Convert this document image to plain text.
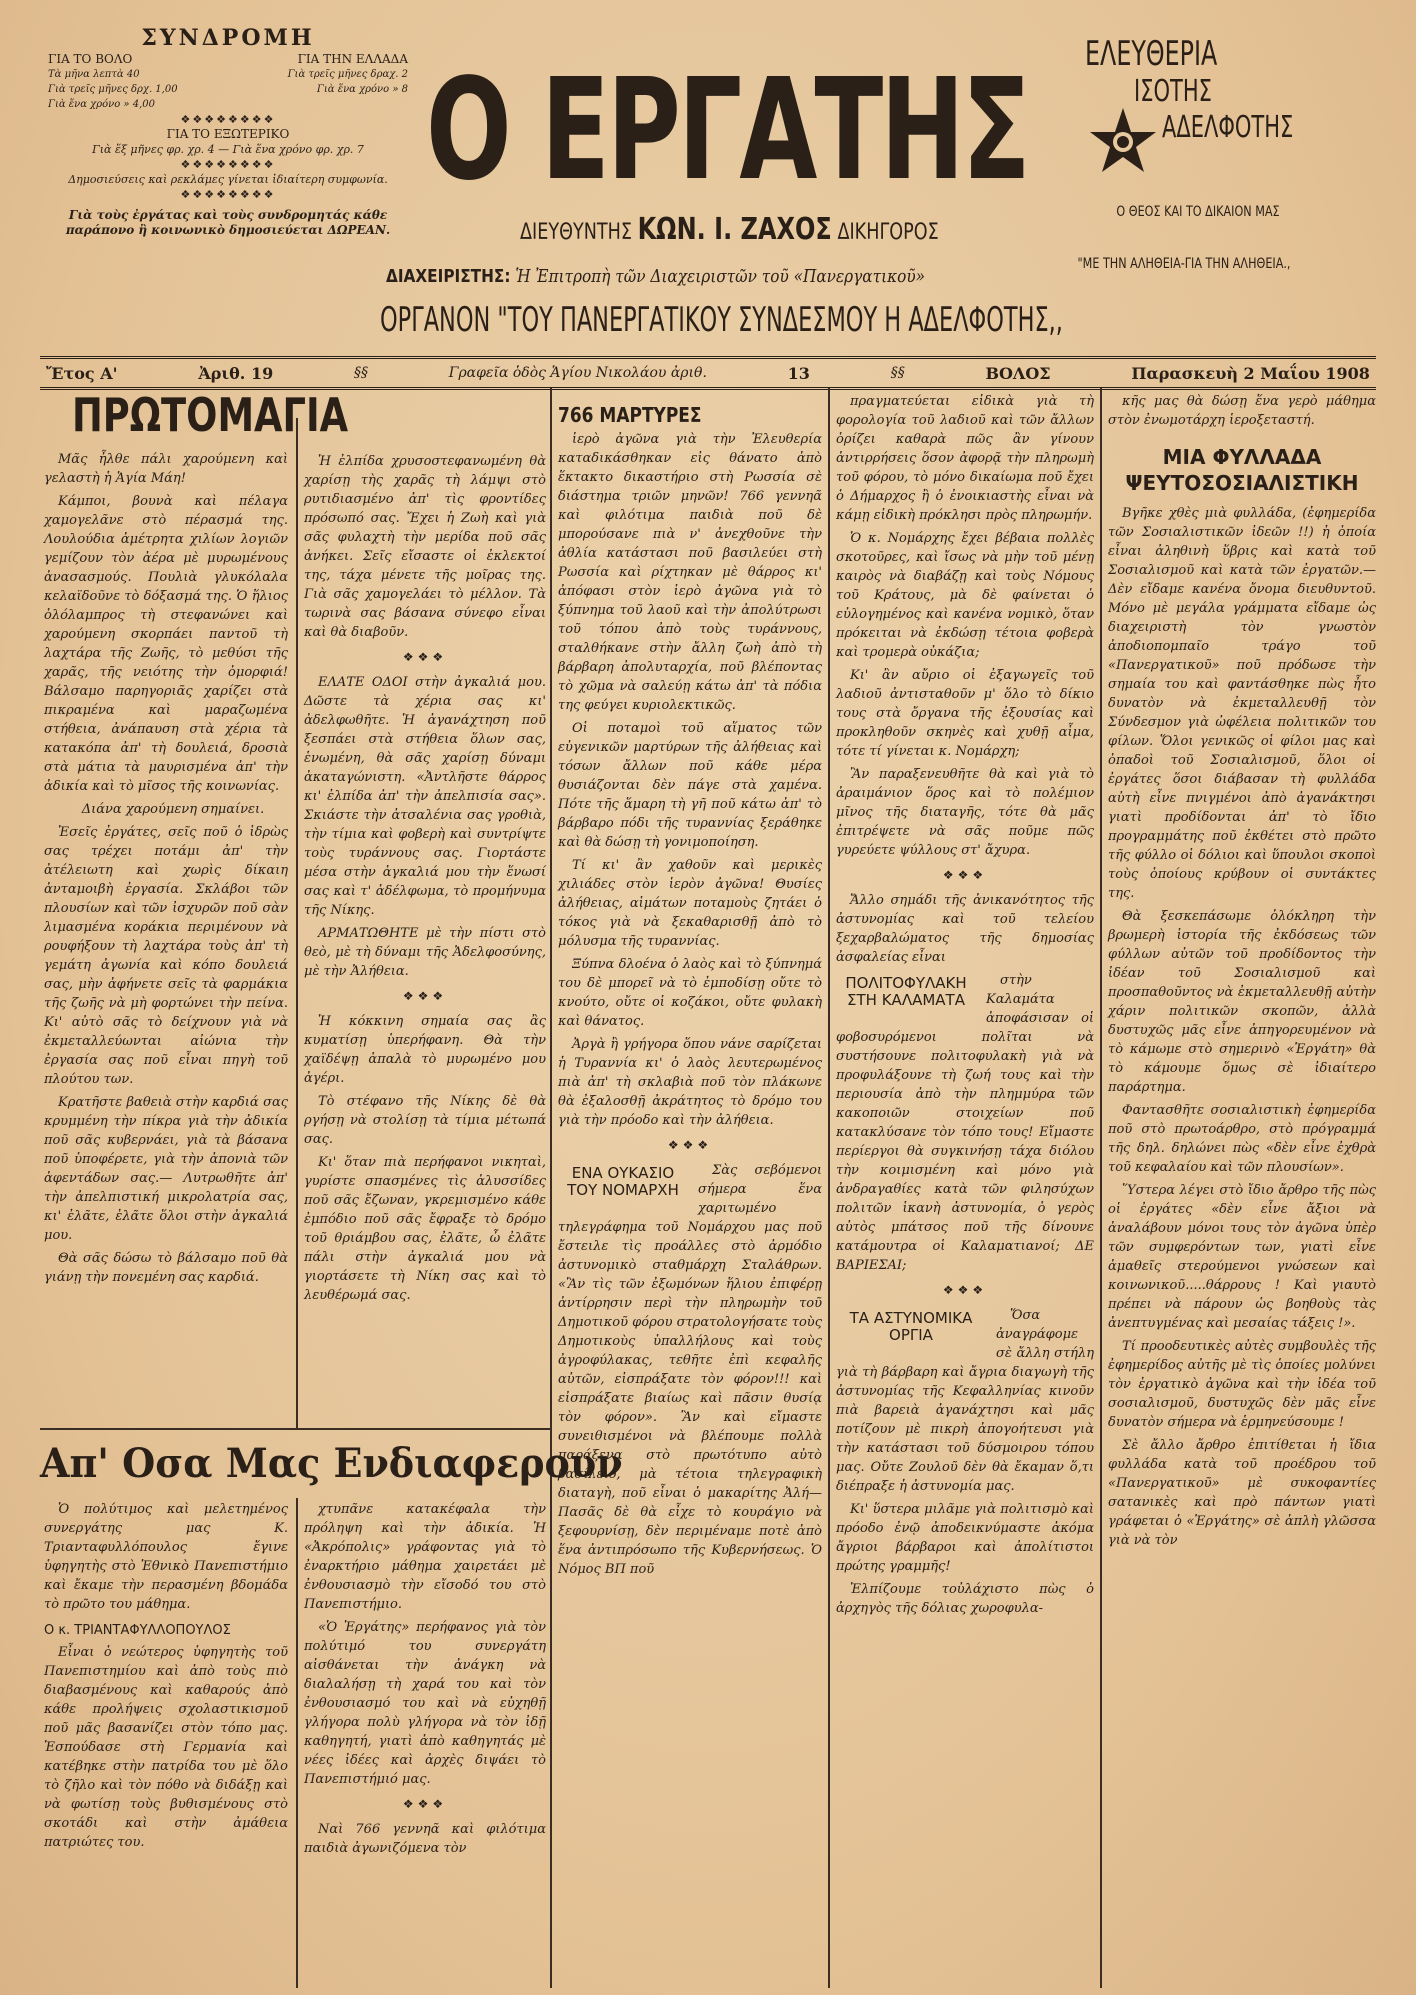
ΣΥΝΔΡΟΜΗ
ΓΙΑ ΤΟ ΒΟΛΟ	ΓΙΑ ΤΗΝ ΕΛΛΑΔΑ
Τὰ μῆνα λεπτὰ 40	Γιὰ τρεῖς μῆνες δραχ. 2
Γιὰ τρεῖς μῆνες δρχ. 1,00	Γιὰ ἕνα χρόνο » 8
Γιὰ ἕνα χρόνο » 4,00
❖❖❖❖❖❖❖❖
ΓΙΑ ΤΟ ΕΞΩΤΕΡΙΚΟ
Γιὰ ἕξ μῆνες φρ. χρ. 4 — Γιὰ ἕνα χρόνο φρ. χρ. 7
❖❖❖❖❖❖❖❖
Δημοσιεύσεις καὶ ρεκλάμες γίνεται ἰδιαίτερη συμφωνία.
❖❖❖❖❖❖❖❖
Γιὰ τοὺς ἐργάτας καὶ τοὺς συνδρομητάς κάθε παράπονο ἢ κοινωνικὸ δημοσιεύεται ΔΩΡΕΑΝ.
Ο ΕΡΓΑΤΗΣ ΕΛΕΥΘΕΡΙΑ
ΙΣΟΤΗΣ
ΑΔΕΛΦΟΤΗΣ
Ο ΘΕΟΣ ΚΑΙ ΤΟ ΔΙΚΑΙΟΝ ΜΑΣ
"ΜΕ ΤΗΝ ΑΛΗΘΕΙΑ-ΓΙΑ ΤΗΝ ΑΛΗΘΕΙΑ.,
ΔΙΕΥΘΥΝΤΗΣ ΚΩΝ. Ι. ΖΑΧΟΣ ΔΙΚΗΓΟΡΟΣ
ΔΙΑΧΕΙΡΙΣΤΗΣ: Ἡ Ἐπιτροπὴ τῶν Διαχειριστῶν τοῦ «Πανεργατικοῦ»
ΟΡΓΑΝΟΝ "ΤΟΥ ΠΑΝΕΡΓΑΤΙΚΟΥ ΣΥΝΔΕΣΜΟΥ Η ΑΔΕΛΦΟΤΗΣ,,
Ἔτος Α'	Ἀριθ. 19	§§	Γραφεῖα ὁδὸς Ἁγίου Νικολάου ἀριθ.	13	§§	ΒΟΛΟΣ	Παρασκευὴ 2 Μαΐου 1908
ΠΡΩΤΟΜΑΓΙΑ
Μᾶς ἦλθε πάλι χαρούμενη καὶ γελαστὴ ἡ Ἁγία Μάη!
Κάμποι, βουνὰ καὶ πέλαγα χαμογελᾶνε στὸ πέρασμά της. Λουλούδια ἀμέτρητα χιλίων λογιῶν γεμίζουν τὸν ἀέρα μὲ μυρωμένους ἀνασασμούς. Πουλιὰ γλυκόλαλα κελαϊδοῦνε τὸ δόξασμά της. Ὁ ἥλιος ὁλόλαμπρος τὴ στεφανώνει καὶ χαρούμενη σκορπάει παντοῦ τὴ λαχτάρα τῆς Ζωῆς, τὸ μεθύσι τῆς χαρᾶς, τῆς νειότης τὴν ὀμορφιά! Βάλσαμο παρηγοριᾶς χαρίζει στὰ πικραμένα καὶ μαραζωμένα στήθεια, ἀνάπαυση στὰ χέρια τὰ κατακόπα ἀπ' τὴ δουλειά, δροσιὰ στὰ μάτια τὰ μαυρισμένα ἀπ' τὴν ἀδικία καὶ τὸ μῖσος τῆς κοινωνίας.
Διάνα χαρούμενη σημαίνει.
Ἐσεῖς ἐργάτες, σεῖς ποῦ ὁ ἱδρὼς σας τρέχει ποτάμι ἀπ' τὴν ἀτέλειωτη καὶ χωρὶς δίκαιη ἀνταμοιβὴ ἐργασία. Σκλάβοι τῶν πλουσίων καὶ τῶν ἰσχυρῶν ποῦ σὰν λιμασμένα κοράκια περιμένουν νὰ ρουφήξουν τὴ λαχτάρα τοὺς ἀπ' τὴ γεμάτη ἀγωνία καὶ κόπο δουλειά σας, μὴν ἀφήνετε σεῖς τὰ φαρμάκια τῆς ζωῆς νὰ μὴ φορτώνει τὴν πείνα. Κι' αὐτὸ σᾶς τὸ δείχνουν γιὰ νὰ ἐκμεταλλεύωνται αἰώνια τὴν ἐργασία σας ποῦ εἶναι πηγὴ τοῦ πλούτου των.
Κρατῆστε βαθειὰ στὴν καρδιά σας κρυμμένη τὴν πίκρα γιὰ τὴν ἀδικία ποῦ σᾶς κυβερνάει, γιὰ τὰ βάσανα ποῦ ὑποφέρετε, γιὰ τὴν ἀπονιὰ τῶν ἀφεντάδων σας.— Λυτρωθῆτε ἀπ' τὴν ἀπελπιστική μικρολατρία σας, κι' ἐλᾶτε, ἐλᾶτε ὅλοι στὴν ἀγκαλιά μου.
Θὰ σᾶς δώσω τὸ βάλσαμο ποῦ θὰ γιάνῃ τὴν πονεμένη σας καρδιά.
Ἡ ἐλπίδα χρυσοστεφανωμένη θὰ χαρίσῃ τὴς χαρᾶς τὴ λάμψι στὸ ρυτιδιασμένο ἀπ' τὶς φροντίδες πρόσωπό σας. Ἔχει ἡ Ζωὴ καὶ γιὰ σᾶς φυλαχτὴ τὴν μερίδα ποῦ σᾶς ἀνήκει. Σεῖς εἴσαστε οἱ ἐκλεκτοί της, τάχα μένετε τῆς μοῖρας της. Γιὰ σᾶς χαμογελάει τὸ μέλλον. Τὰ τωρινὰ σας βάσανα σύνεφο εἶναι καὶ θὰ διαβοῦν.
❖❖❖
ΕΛΑΤΕ ΟΔΟΙ στὴν ἀγκαλιά μου. Δῶστε τὰ χέρια σας κι' ἀδελφωθῆτε. Ἡ ἀγανάχτηση ποῦ ξεσπάει στὰ στήθεια ὅλων σας, ἑνωμένη, θὰ σᾶς χαρίσῃ δύναμι ἀκαταγώνιστη. «Ἀντλῆστε θάρρος κι' ἐλπίδα ἀπ' τὴν ἀπελπισία σας». Σκιάστε τὴν ἀτσαλένια σας γροθιὰ, τὴν τίμια καὶ φοβερὴ καὶ συντρίψτε τοὺς τυράννους σας. Γιορτάστε μέσα στὴν ἀγκαλιά μου τὴν ἕνωσί σας καὶ τ' ἀδέλφωμα, τὸ προμήνυμα τῆς Νίκης.
ΑΡΜΑΤΩΘΗΤΕ μὲ τὴν πίστι στὸ θεὸ, μὲ τὴ δύναμι τῆς Ἀδελφοσύνης, μὲ τὴν Ἀλήθεια.
❖❖❖
Ἡ κόκκινη σημαία σας ἂς κυματίσῃ ὑπερήφανη. Θὰ τὴν χαϊδέψῃ ἁπαλὰ τὸ μυρωμένο μου ἀγέρι.
Τὸ στέφανο τῆς Νίκης δὲ θὰ ργήσῃ νὰ στολίσῃ τὰ τίμια μέτωπά σας.
Κι' ὅταν πιὰ περήφανοι νικηταὶ, γυρίστε σπασμένες τὶς ἁλυσσίδες ποῦ σᾶς ἔζωναν, γκρεμισμένο κάθε ἐμπόδιο ποῦ σᾶς ἔφραξε τὸ δρόμο τοῦ θριάμβου σας, ἐλᾶτε, ὦ ἐλᾶτε πάλι στὴν ἀγκαλιά μου νὰ γιορτάσετε τὴ Νίκη σας καὶ τὸ λευθέρωμά σας.
Απ' Οσα Μας Ενδιαφερουν
Ὁ πολύτιμος καὶ μελετημένος συνεργάτης μας Κ. Τριανταφυλλόπουλος ἔγινε ὑφηγητὴς στὸ Ἐθνικὸ Πανεπιστήμιο καὶ ἔκαμε τὴν περασμένη βδομάδα τὸ πρῶτο του μάθημα.
Ο κ. ΤΡΙΑΝΤΑΦΥΛΛΟΠΟΥΛΟΣ
Εἶναι ὁ νεώτερος ὑφηγητὴς τοῦ Πανεπιστημίου καὶ ἀπὸ τοὺς πιὸ διαβασμένους καὶ καθαρούς ἀπὸ κάθε προλήψεις σχολαστικισμοῦ ποῦ μᾶς βασανίζει στὸν τόπο μας. Ἐσπούδασε στὴ Γερμανία καὶ κατέβηκε στὴν πατρίδα του μὲ ὅλο τὸ ζῆλο καὶ τὸν πόθο νὰ διδάξῃ καὶ νὰ φωτίσῃ τοὺς βυθισμένους στὸ σκοτάδι καὶ στὴν ἀμάθεια πατριώτες του.
χτυπᾶνε κατακέφαλα τὴν πρόληψη καὶ τὴν ἀδικία. Ἡ «Ἀκρόπολις» γράφοντας γιὰ τὸ ἐναρκτήριο μάθημα χαιρετάει μὲ ἐνθουσιασμὸ τὴν εἴσοδό του στὸ Πανεπιστήμιο.
«Ὁ Ἐργάτης» περήφανος γιὰ τὸν πολύτιμό του συνεργάτη αἰσθάνεται τὴν ἀνάγκη νὰ διαλαλήσῃ τὴ χαρά του καὶ τὸν ἐνθουσιασμό του καὶ νὰ εὐχηθῇ γλήγορα πολὺ γλήγορα νὰ τὸν ἰδῇ καθηγητή, γιατὶ ἀπὸ καθηγητάς μὲ νέες ἰδέες καὶ ἀρχὲς διψάει τὸ Πανεπιστήμιό μας.
❖❖❖
Ναὶ 766 γεννηᾶ καὶ φιλότιμα παιδιὰ ἀγωνιζόμενα τὸν
766 ΜΑΡΤΥΡΕΣ
ἱερὸ ἀγῶνα γιὰ τὴν Ἐλευθερία καταδικάσθηκαν εἰς θάνατο ἀπὸ ἕκτακτο δικαστήριο στὴ Ρωσσία σὲ διάστημα τριῶν μηνῶν! 766 γεννηᾶ καὶ φιλότιμα παιδιὰ ποῦ δὲ μπορούσανε πιὰ ν' ἀνεχθοῦνε τὴν ἀθλία κατάστασι ποῦ βασιλεύει στὴ Ρωσσία καὶ ρίχτηκαν μὲ θάρρος κι' ἀπόφασι στὸν ἱερὸ ἀγῶνα γιὰ τὸ ξύπνημα τοῦ λαοῦ καὶ τὴν ἀπολύτρωσι τοῦ τόπου ἀπὸ τοὺς τυράννους, σταλθήκανε στὴν ἄλλη ζωὴ ἀπὸ τὴ βάρβαρη ἀπολυταρχία, ποῦ βλέποντας τὸ χῶμα νὰ σαλεύῃ κάτω ἀπ' τὰ πόδια της φεύγει κυριολεκτικῶς.
Οἱ ποταμοὶ τοῦ αἵματος τῶν εὐγενικῶν μαρτύρων τῆς ἀλήθειας καὶ τόσων ἄλλων ποῦ κάθε μέρα θυσιάζονται δὲν πάγε στὰ χαμένα. Πότε τῆς ἅμαρη τὴ γῆ ποῦ κάτω ἀπ' τὸ βάρβαρο πόδι τῆς τυραννίας ξεράθηκε καὶ θὰ δώσῃ τὴ γονιμοποίηση.
Τί κι' ἂν χαθοῦν καὶ μερικὲς χιλιάδες στὸν ἱερὸν ἀγῶνα! Θυσίες ἀλήθειας, αἱμάτων ποταμοὺς ζητάει ὁ τόκος γιὰ νὰ ξεκαθαρισθῇ ἀπὸ τὸ μόλυσμα τῆς τυραννίας.
Ξύπνα δλοένα ὁ λαὸς καὶ τὸ ξύπνημά του δὲ μπορεῖ νὰ τὸ ἐμποδίσῃ οὔτε τὸ κνούτο, οὔτε οἱ κοζάκοι, οὔτε φυλακὴ καὶ θάνατος.
Ἀργὰ ἢ γρήγορα ὅπου νάνε σαρίζεται ἡ Τυραννία κι' ὁ λαὸς λευτερωμένος πιὰ ἀπ' τὴ σκλαβιὰ ποῦ τὸν πλάκωνε θὰ ἐξαλοσθῇ ἀκράτητος τὸ δρόμο του γιὰ τὴν πρόοδο καὶ τὴν ἀλήθεια.
❖❖❖
ΕΝΑ ΟΥΚΑΣΙΟ ΤΟΥ ΝΟΜΑΡΧΗ
Σὰς σεβόμενοι σήμερα ἕνα χαριτωμένο τηλεγράφημα τοῦ Νομάρχου μας ποῦ ἔστειλε τὶς προάλλες στὸ ἀρμόδιο ἀστυνομικὸ σταθμάρχη Σταλάθρων. «Ἂν τὶς τῶν ἐξωμόνων ἥλιου ἐπιφέρῃ ἀντίρρησιν περὶ τὴν πληρωμὴν τοῦ Δημοτικοῦ φόρου στρατολογήσατε τοὺς Δημοτικοὺς ὑπαλλήλους καὶ τοὺς ἀγροφύλακας, τεθῆτε ἐπὶ κεφαλῆς αὐτῶν, εἰσπράξατε τὸν φόρον!!! καὶ εἰσπράξατε βιαίως καὶ πᾶσιν θυσίᾳ τὸν φόρον». Ἂν καὶ εἴμαστε συνειθισμένοι νὰ βλέπουμε πολλὰ παράξενα στὸ πρωτότυπο αὐτὸ βασίλειο, μὰ τέτοια τηλεγραφικὴ διαταγὴ, ποῦ εἶναι ὁ μακαρίτης Ἀλή—Πασᾶς δὲ θὰ εἶχε τὸ κουράγιο νὰ ξεφουρνίσῃ, δὲν περιμέναμε ποτὲ ἀπὸ ἕνα ἀντιπρόσωπο τῆς Κυβερνήσεως. Ὁ Νόμος ΒΠ ποῦ
πραγματεύεται εἰδικὰ γιὰ τὴ φορολογία τοῦ λαδιοῦ καὶ τῶν ἄλλων ὁρίζει καθαρὰ πῶς ἂν γίνουν ἀντιρρήσεις ὅσον ἀφορᾷ τὴν πληρωμὴ τοῦ φόρου, τὸ μόνο δικαίωμα ποῦ ἔχει ὁ Δήμαρχος ἢ ὁ ἐνοικιαστὴς εἶναι νὰ κάμῃ εἰδικὴ πρόκλησι πρὸς πληρωμήν.
Ὁ κ. Νομάρχης ἔχει βέβαια πολλὲς σκοτοῦρες, καὶ ἴσως νὰ μὴν τοῦ μένῃ καιρὸς νὰ διαβάζῃ καὶ τοὺς Νόμους τοῦ Κράτους, μὰ δὲ φαίνεται ὁ εὐλογημένος καὶ κανένα νομικὸ, ὅταν πρόκειται νὰ ἐκδώσῃ τέτοια φοβερὰ καὶ τρομερὰ οὐκάζια;
Κι' ἂν αὔριο οἱ ἐξαγωγεῖς τοῦ λαδιοῦ ἀντισταθοῦν μ' ὅλο τὸ δίκιο τους στὰ ὄργανα τῆς ἐξουσίας καὶ προκληθοῦν σκηνὲς καὶ χυθῇ αἷμα, τότε τί γίνεται κ. Νομάρχη;
Ἂν παραξενευθῆτε θὰ καὶ γιὰ τὸ ἀραιμάνιον ὅρος καὶ τὸ πολέμιον μῖνος τῆς διαταγῆς, τότε θὰ μᾶς ἐπιτρέψετε νὰ σᾶς ποῦμε πῶς γυρεύετε ψύλλους στ' ἄχυρα.
❖❖❖
Ἄλλο σημάδι τῆς ἀνικανότητος τῆς ἀστυνομίας καὶ τοῦ τελείου ξεχαρβαλώματος τῆς δημοσίας ἀσφαλείας εἶναι
ΠΟΛΙΤΟΦΥΛΑΚΗ ΣΤΗ ΚΑΛΑΜΑΤΑ
στὴν Καλαμάτα ἀποφάσισαν οἱ φοβοσυρόμενοι πολῖται νὰ συστήσουνε πολιτοφυλακὴ γιὰ νὰ προφυλάξουνε τὴ ζωή τους καὶ τὴν περιουσία ἀπὸ τὴν πλημμύρα τῶν κακοποιῶν στοιχείων ποῦ κατακλύσανε τὸν τόπο τους! Εἴμαστε περίεργοι θὰ συγκινήσῃ τάχα διόλου τὴν κοιμισμένη καὶ μόνο γιὰ ἀνδραγαθίες κατὰ τῶν φιλησύχων πολιτῶν ἱκανὴ ἀστυνομία, ὁ γερὸς αὐτὸς μπάτσος ποῦ τῆς δίνουνε κατάμουτρα οἱ Καλαματιανοί; ΔΕ ΒΑΡΙΕΣΑΙ;
❖❖❖
ΤΑ ΑΣΤΥΝΟΜΙΚΑ ΟΡΓΙΑ
Ὅσα ἀναγράφομε σὲ ἄλλη στήλη γιὰ τὴ βάρβαρη καὶ ἄγρια διαγωγὴ τῆς ἀστυνομίας τῆς Κεφαλληνίας κινοῦν πιὰ βαρειὰ ἀγανάχτησι καὶ μᾶς ποτίζουν μὲ πικρὴ ἀπογοήτευσι γιὰ τὴν κατάστασι τοῦ δύσμοιρου τόπου μας. Οὔτε Ζουλοῦ δὲν θὰ ἔκαμαν ὅ,τι διέπραξε ἡ ἀστυνομία μας.
Κι' ὕστερα μιλᾶμε γιὰ πολιτισμὸ καὶ πρόοδο ἐνῷ ἀποδεικνύμαστε ἀκόμα ἄγριοι βάρβαροι καὶ ἀπολίτιστοι πρώτης γραμμῆς!
Ἐλπίζουμε τοὐλάχιστο πὼς ὁ ἀρχηγὸς τῆς δόλιας χωροφυλα-
κῆς μας θὰ δώσῃ ἕνα γερὸ μάθημα στὸν ἐνωμοτάρχη ἱεροξεταστή.
ΜΙΑ ΦΥΛΛΑΔΑ ΨΕΥΤΟΣΟΣΙΑΛΙΣΤΙΚΗ
Βγῆκε χθὲς μιὰ φυλλάδα, (ἐφημερίδα τῶν Σοσιαλιστικῶν ἰδεῶν !!) ἡ ὁποία εἶναι ἀληθινὴ ὕβρις καὶ κατὰ τοῦ Σοσιαλισμοῦ καὶ κατὰ τῶν ἐργατῶν.—Δὲν εἴδαμε κανένα ὄνομα διευθυντοῦ. Μόνο μὲ μεγάλα γράμματα εἴδαμε ὡς διαχειριστὴ τὸν γνωστὸν ἀποδιοπομπαῖο τράγο τοῦ «Πανεργατικοῦ» ποῦ πρόδωσε τὴν σημαία του καὶ φαντάσθηκε πὼς ἦτο δυνατὸν νὰ ἐκμεταλλευθῇ τὸν Σύνδεσμον γιὰ ὠφέλεια πολιτικῶν του φίλων. Ὅλοι γενικῶς οἱ φίλοι μας καὶ ὀπαδοὶ τοῦ Σοσιαλισμοῦ, ὅλοι οἱ ἐργάτες ὅσοι διάβασαν τὴ φυλλάδα αὐτὴ εἶνε πνιγμένοι ἀπὸ ἀγανάκτησι γιατὶ προδίδονται ἀπ' τὸ ἴδιο προγραμμάτης ποῦ ἐκθέτει στὸ πρῶτο τῆς φύλλο οἱ δόλιοι καὶ ὕπουλοι σκοποὶ τοὺς ὁποίους κρύβουν οἱ συντάκτες της.
Θὰ ξεσκεπάσωμε ὁλόκληρη τὴν βρωμερὴ ἱστορία τῆς ἐκδόσεως τῶν φύλλων αὐτῶν τοῦ προδίδοντος τὴν ἰδέαν τοῦ Σοσιαλισμοῦ καὶ προσπαθοῦντος νὰ ἐκμεταλλευθῇ αὐτὴν χάριν πολιτικῶν σκοπῶν, ἀλλὰ δυστυχῶς μᾶς εἶνε ἀπηγορευμένον νὰ τὸ κάμωμε στὸ σημερινὸ «Ἐργάτη» θὰ τὸ κάμουμε ὅμως σὲ ἰδιαίτερο παράρτημα.
Φαντασθῆτε σοσιαλιστικὴ ἐφημερίδα ποῦ στὸ πρωτοάρθρο, στὸ πρόγραμμά τῆς δηλ. δηλώνει πὼς «δὲν εἶνε ἐχθρὰ τοῦ κεφαλαίου καὶ τῶν πλουσίων».
Ὕστερα λέγει στὸ ἴδιο ἄρθρο τῆς πὼς οἱ ἐργάτες «δὲν εἶνε ἄξιοι νὰ ἀναλάβουν μόνοι τους τὸν ἀγῶνα ὑπὲρ τῶν συμφερόντων των, γιατὶ εἶνε ἀμαθεῖς στερούμενοι γνώσεων καὶ κοινωνικοῦ.....θάρρους ! Καὶ γιαυτὸ πρέπει νὰ πάρουν ὡς βοηθοὺς τὰς ἀνεπτυγμένας καὶ μεσαίας τάξεις !».
Τί προοδευτικὲς αὐτὲς συμβουλὲς τῆς ἐφημερίδος αὐτῆς μὲ τὶς ὁποίες μολύνει τὸν ἐργατικὸ ἀγῶνα καὶ τὴν ἰδέα τοῦ σοσιαλισμοῦ, δυστυχῶς δὲν μᾶς εἶνε δυνατὸν σήμερα νὰ ἑρμηνεύσουμε !
Σὲ ἄλλο ἄρθρο ἐπιτίθεται ἡ ἴδια φυλλάδα κατὰ τοῦ προέδρου τοῦ «Πανεργατικοῦ» μὲ συκοφαντίες σατανικὲς καὶ πρὸ πάντων γιατὶ γράφεται ὁ «Ἐργάτης» σὲ ἁπλὴ γλῶσσα γιὰ νὰ τὸν
